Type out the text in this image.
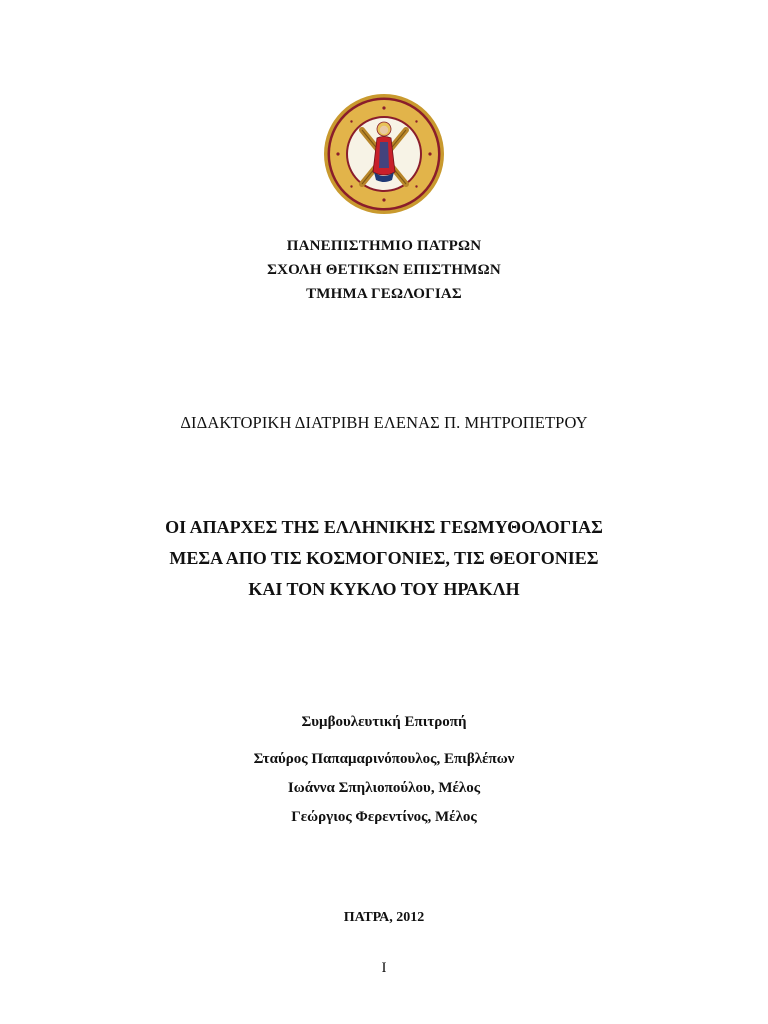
ΠΑΝΕΠΙΣΤΗΜΙΟ ΠΑΤΡΩΝ
ΣΧΟΛΗ ΘΕΤΙΚΩΝ ΕΠΙΣΤΗΜΩΝ
ΤΜΗΜΑ ΓΕΩΛΟΓΙΑΣ
ΔΙΔΑΚΤΟΡΙΚΗ ΔΙΑΤΡΙΒΗ ΕΛΕΝΑΣ Π. ΜΗΤΡΟΠΕΤΡΟΥ
ΟΙ ΑΠΑΡΧΕΣ ΤΗΣ ΕΛΛΗΝΙΚΗΣ ΓΕΩΜΥΘΟΛΟΓΙΑΣ
ΜΕΣΑ ΑΠΟ ΤΙΣ ΚΟΣΜΟΓΟΝΙΕΣ, ΤΙΣ ΘΕΟΓΟΝΙΕΣ
ΚΑΙ ΤΟΝ ΚΥΚΛΟ ΤΟΥ ΗΡΑΚΛΗ
Συμβουλευτική Επιτροπή
Σταύρος Παπαμαρινόπουλος, Επιβλέπων
Ιωάννα Σπηλιοπούλου, Μέλος
Γεώργιος Φερεντίνος, Μέλος
ΠΑΤΡΑ, 2012
I
